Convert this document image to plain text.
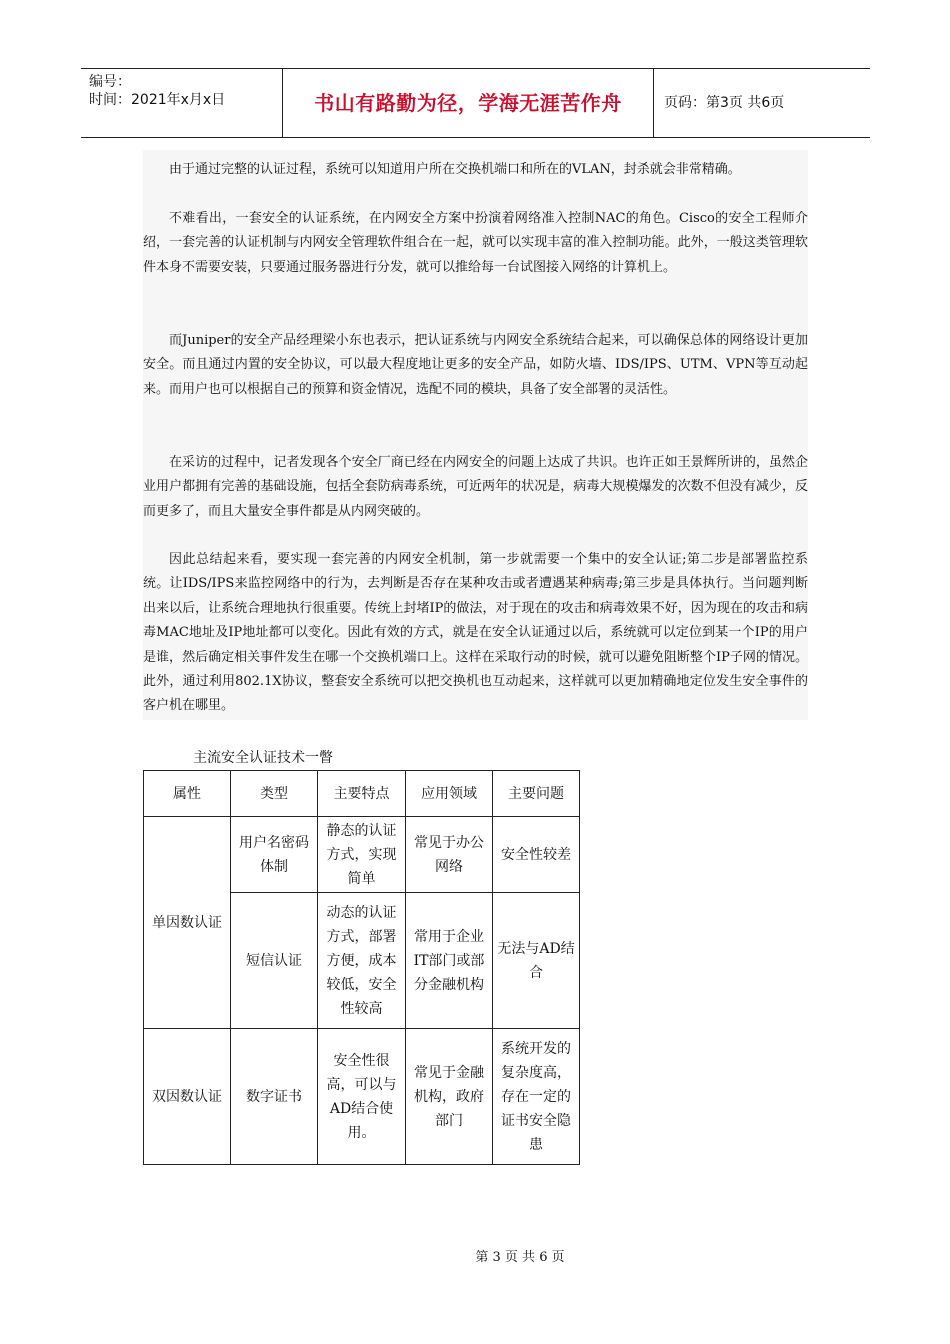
编号：
时间：2021年x月x日	书山有路勤为径，学海无涯苦作舟	页码：第3页 共6页

由于通过完整的认证过程，系统可以知道用户所在交换机端口和所在的VLAN，封杀就会非常精确。

不难看出，一套安全的认证系统，在内网安全方案中扮演着网络准入控制NAC的角色。Cisco的安全工程师介绍，一套完善的认证机制与内网安全管理软件组合在一起，就可以实现丰富的准入控制功能。此外，一般这类管理软件本身不需要安装，只要通过服务器进行分发，就可以推给每一台试图接入网络的计算机上。

而Juniper的安全产品经理梁小东也表示，把认证系统与内网安全系统结合起来，可以确保总体的网络设计更加安全。而且通过内置的安全协议，可以最大程度地让更多的安全产品，如防火墙、IDS/IPS、UTM、VPN等互动起来。而用户也可以根据自己的预算和资金情况，选配不同的模块，具备了安全部署的灵活性。

在采访的过程中，记者发现各个安全厂商已经在内网安全的问题上达成了共识。也许正如王景辉所讲的，虽然企业用户都拥有完善的基础设施，包括全套防病毒系统，可近两年的状况是，病毒大规模爆发的次数不但没有减少，反而更多了，而且大量安全事件都是从内网突破的。

因此总结起来看，要实现一套完善的内网安全机制，第一步就需要一个集中的安全认证;第二步是部署监控系统。让IDS/IPS来监控网络中的行为，去判断是否存在某种攻击或者遭遇某种病毒;第三步是具体执行。当问题判断出来以后，让系统合理地执行很重要。传统上封堵IP的做法，对于现在的攻击和病毒效果不好，因为现在的攻击和病毒MAC地址及IP地址都可以变化。因此有效的方式，就是在安全认证通过以后，系统就可以定位到某一个IP的用户是谁，然后确定相关事件发生在哪一个交换机端口上。这样在采取行动的时候，就可以避免阻断整个IP子网的情况。此外，通过利用802.1X协议，整套安全系统可以把交换机也互动起来，这样就可以更加精确地定位发生安全事件的客户机在哪里。

主流安全认证技术一瞥
属性	类型	主要特点	应用领域	主要问题
单因数认证	用户名密码体制	静态的认证方式，实现简单	常见于办公网络	安全性较差
	短信认证	动态的认证方式，部署方便，成本较低，安全性较高	常用于企业IT部门或部分金融机构	无法与AD结合
双因数认证	数字证书	安全性很高，可以与AD结合使用。	常见于金融机构，政府部门	系统开发的复杂度高，存在一定的证书安全隐患
第 3 页 共 6 页
